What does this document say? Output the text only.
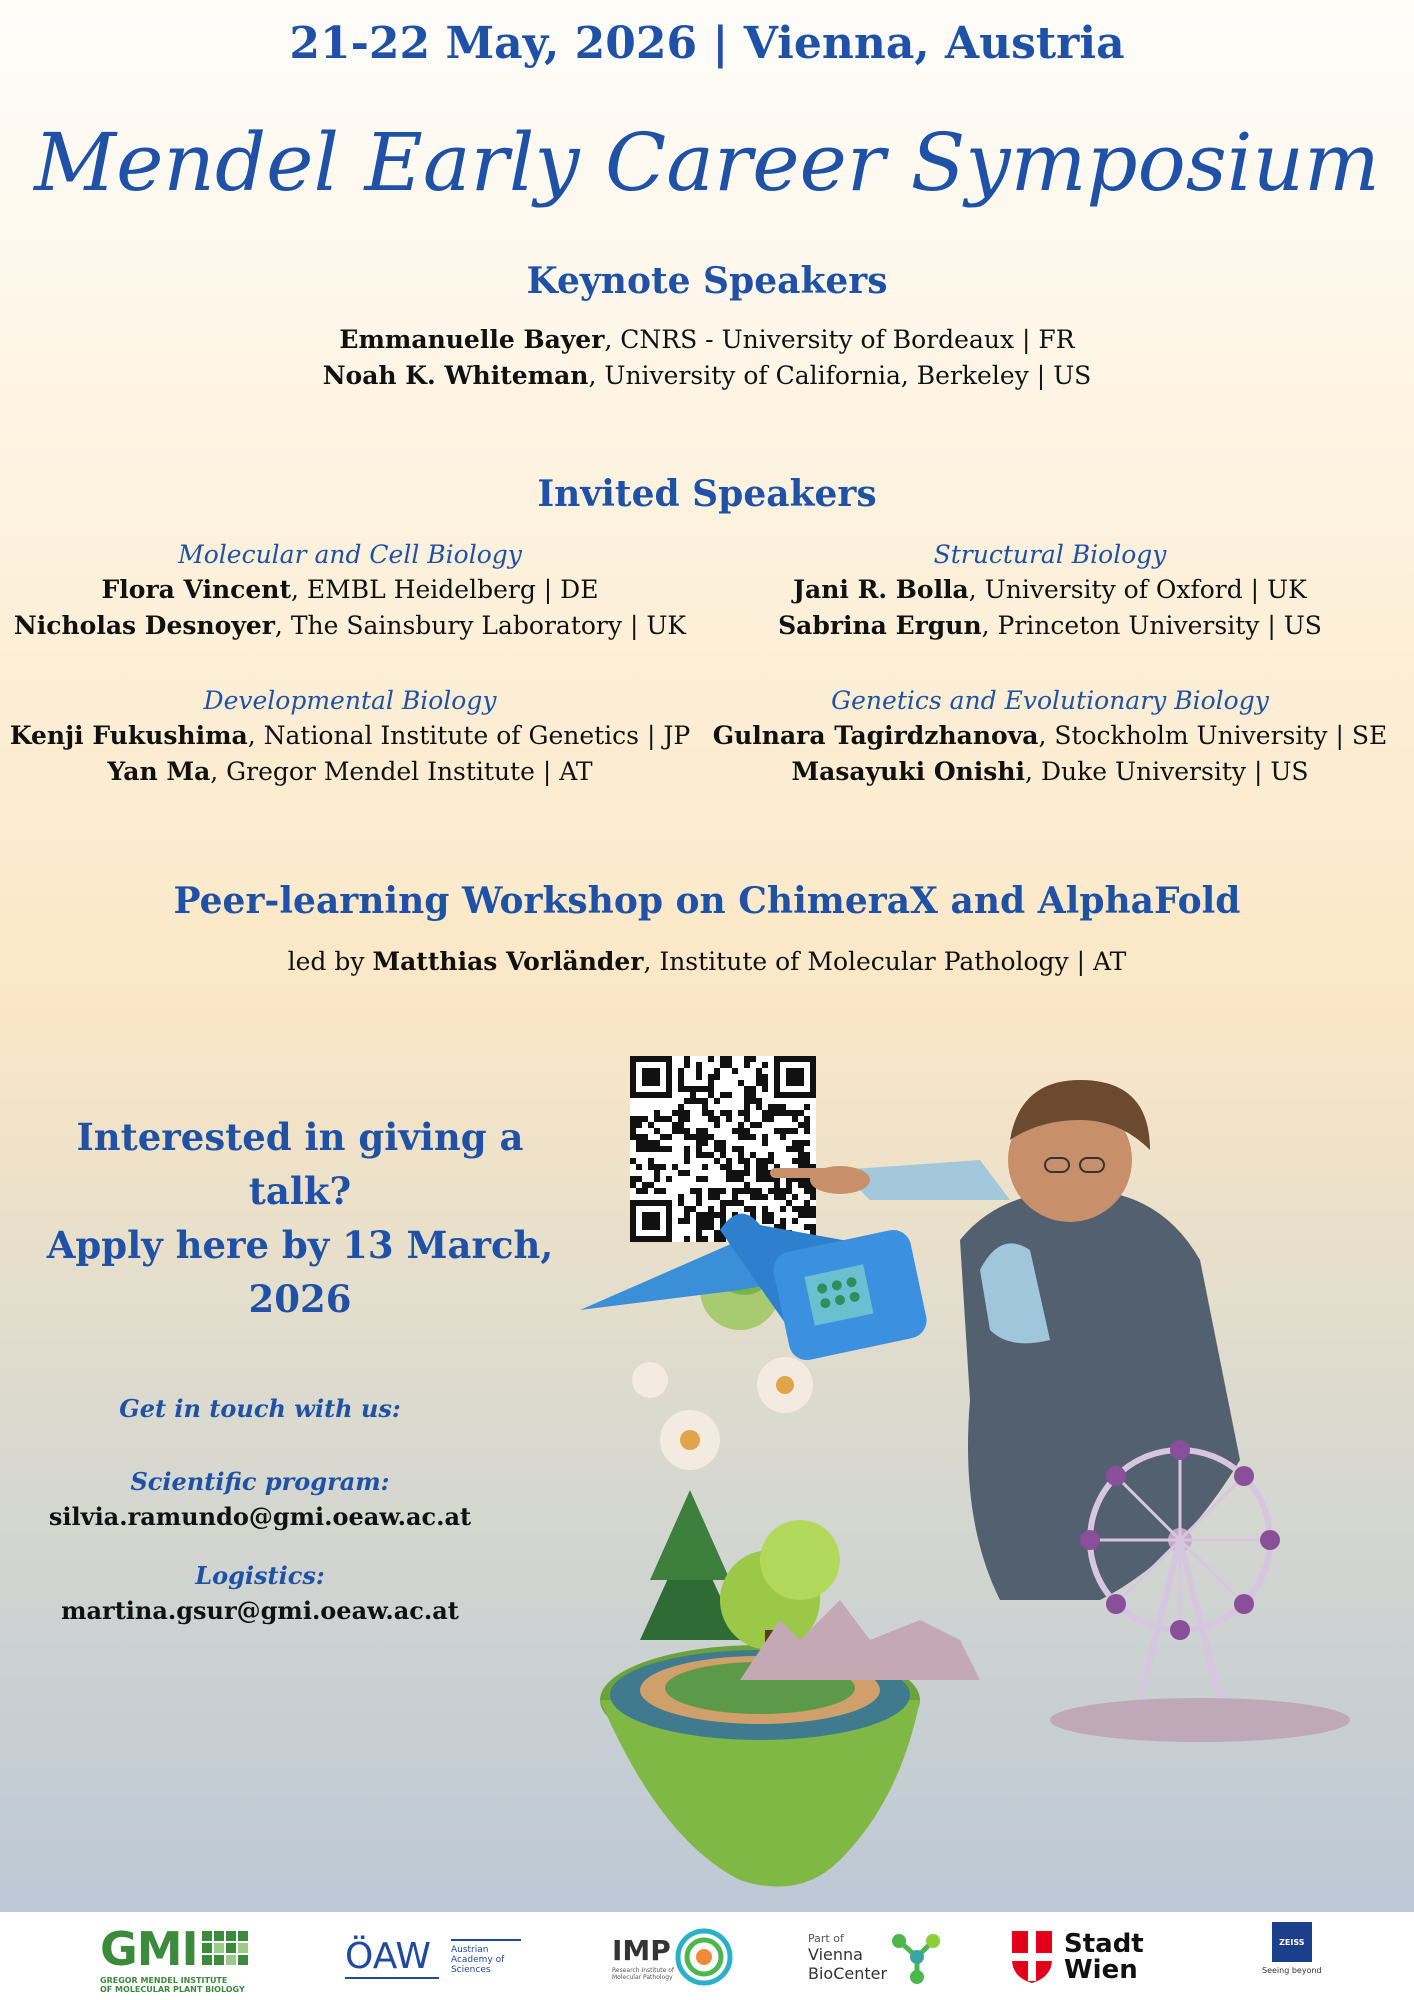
21-22 May, 2026 | Vienna, Austria
Mendel Early Career Symposium
Keynote Speakers
Emmanuelle Bayer, CNRS - University of Bordeaux | FR
Noah K. Whiteman, University of California, Berkeley | US
Invited Speakers
Molecular and Cell Biology
Flora Vincent, EMBL Heidelberg | DE
Nicholas Desnoyer, The Sainsbury Laboratory | UK
Structural Biology
Jani R. Bolla, University of Oxford | UK
Sabrina Ergun, Princeton University | US
Developmental Biology
Kenji Fukushima, National Institute of Genetics | JP
Yan Ma, Gregor Mendel Institute | AT
Genetics and Evolutionary Biology
Gulnara Tagirdzhanova, Stockholm University | SE
Masayuki Onishi, Duke University | US
Peer-learning Workshop on ChimeraX and AlphaFold
led by Matthias Vorländer, Institute of Molecular Pathology | AT
Interested in giving a talk?
Apply here by 13 March, 2026
Get in touch with us:
Scientific program:
silvia.ramundo@gmi.oeaw.ac.at
Logistics:
martina.gsur@gmi.oeaw.ac.at
GMI
GREGOR MENDEL INSTITUTE
OF MOLECULAR PLANT BIOLOGY
ÖAW	Austrian
Academy of
Sciences
IMP
Research Institute of
Molecular Pathology
Part of
Vienna
BioCenter
Stadt
Wien
ZEISS
Seeing beyond
